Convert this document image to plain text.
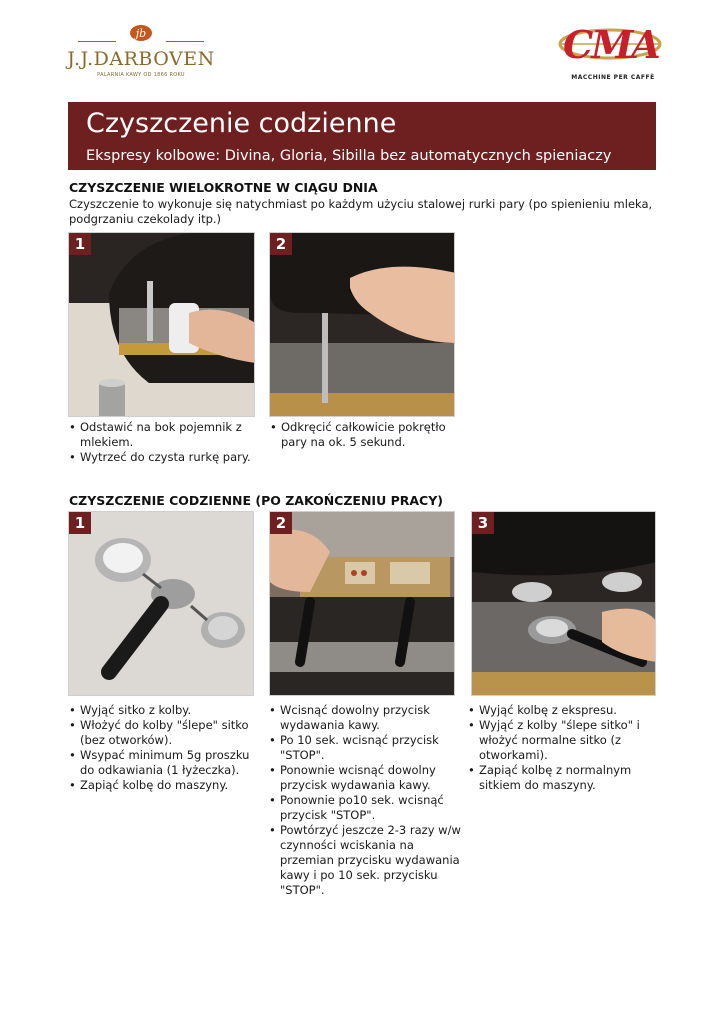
jb
J.J.DARBOVEN
PALARNIA KAWY OD 1866 ROKU
CMA
MACCHINE PER CAFFÈ
Czyszczenie codzienne
Ekspresy kolbowe: Divina, Gloria, Sibilla bez automatycznych spieniaczy
CZYSZCZENIE WIELOKROTNE W CIĄGU DNIA
Czyszczenie to wykonuje się natychmiast po każdym użyciu stalowej rurki pary (po spienieniu mleka, podgrzaniu czekolady itp.)
1	2
• Odstawić na bok pojemnik z mlekiem.
• Wytrzeć do czysta rurkę pary.
• Odkręcić całkowicie pokrętło pary na ok. 5 sekund.
CZYSZCZENIE CODZIENNE (PO ZAKOŃCZENIU PRACY)
1	2	3
• Wyjąć sitko z kolby.
• Włożyć do kolby "ślepe" sitko (bez otworków).
• Wsypać minimum 5g proszku do odkawiania (1 łyżeczka).
• Zapiąć kolbę do maszyny.
• Wcisnąć dowolny przycisk wydawania kawy.
• Po 10 sek. wcisnąć przycisk "STOP".
• Ponownie wcisnąć dowolny przycisk wydawania kawy.
• Ponownie po10 sek. wcisnąć przycisk "STOP".
• Powtórzyć jeszcze 2-3 razy w/w czynności wciskania na przemian przycisku wydawania kawy i po 10 sek. przycisku "STOP".
• Wyjąć kolbę z ekspresu.
• Wyjąć z kolby "ślepe sitko" i włożyć normalne sitko (z otworkami).
• Zapiąć kolbę z normalnym sitkiem do maszyny.
